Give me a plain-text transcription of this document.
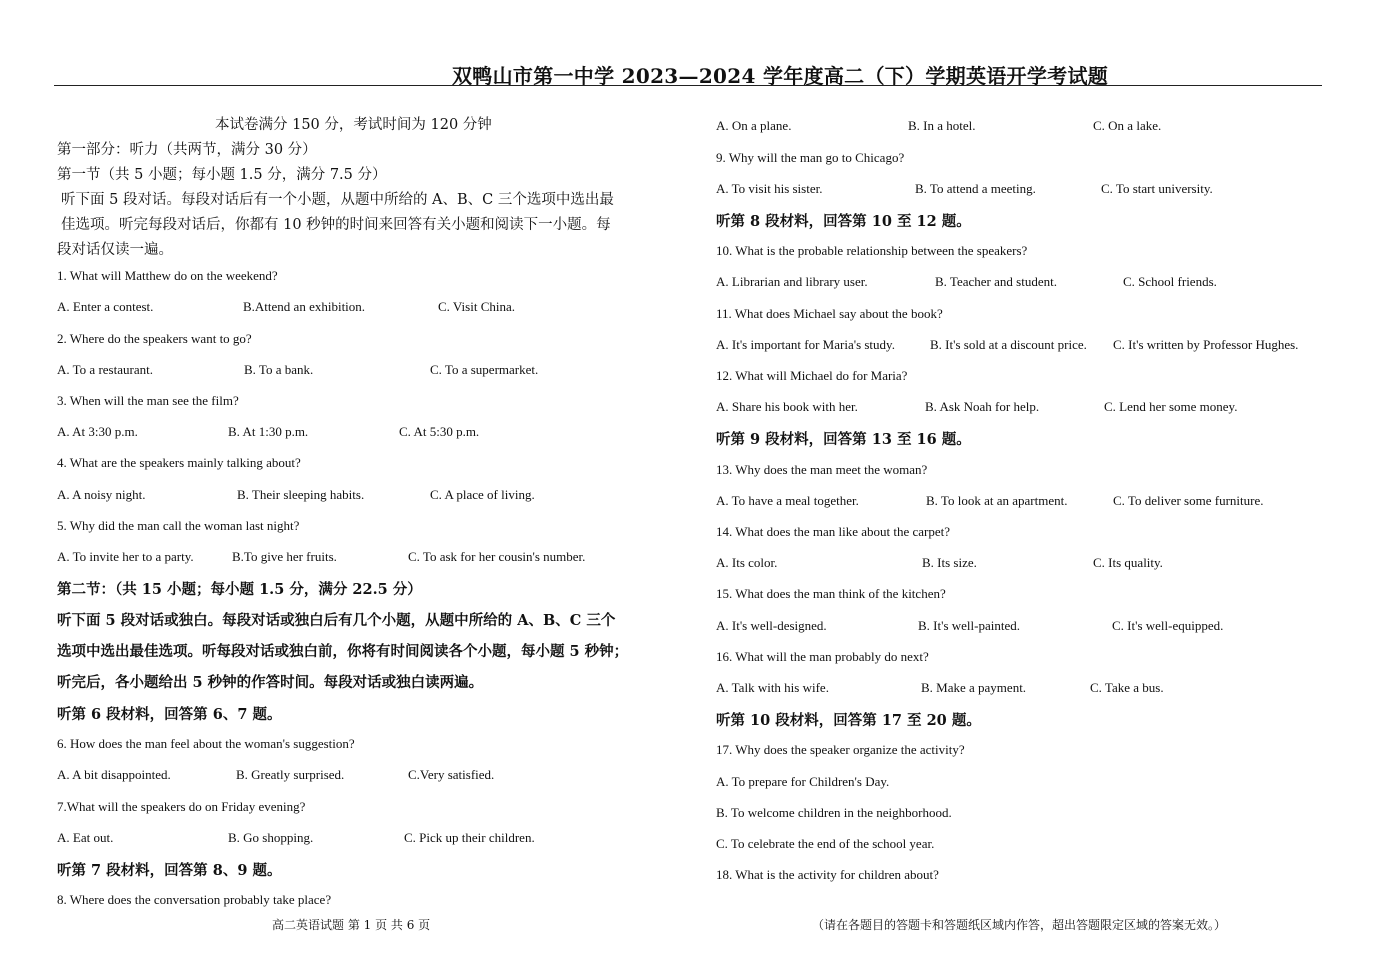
双鸭山市第一中学 2023—2024 学年度高二（下）学期英语开学考试题
本试卷满分 150 分，考试时间为 120 分钟
第一部分：听力（共两节，满分 30 分）
第一节（共 5 小题；每小题 1.5 分，满分 7.5 分）
听下面 5 段对话。每段对话后有一个小题，从题中所给的 A、B、C 三个选项中选出最
佳选项。听完每段对话后，你都有 10 秒钟的时间来回答有关小题和阅读下一小题。每
段对话仅读一遍。
1. What will Matthew do on the weekend?
A. Enter a contest.	B.Attend an exhibition.	C. Visit China.
2. Where do the speakers want to go?
A. To a restaurant.	B. To a bank.	C. To a supermarket.
3. When will the man see the film?
A. At 3:30 p.m.	B. At 1:30 p.m.	C. At 5:30 p.m.
4. What are the speakers mainly talking about?
A. A noisy night.	B. Their sleeping habits.	C. A place of living.
5. Why did the man call the woman last night?
A. To invite her to a party.	B.To give her fruits.	C. To ask for her cousin's number.
第二节：（共 15 小题；每小题 1.5 分，满分 22.5 分）
听下面 5 段对话或独白。每段对话或独白后有几个小题，从题中所给的 A、B、C 三个
选项中选出最佳选项。听每段对话或独白前，你将有时间阅读各个小题，每小题 5 秒钟；
听完后，各小题给出 5 秒钟的作答时间。每段对话或独白读两遍。
听第 6 段材料，回答第 6、7 题。
6. How does the man feel about the woman's suggestion?
A. A bit disappointed.	B. Greatly surprised.	C.Very satisfied.
7.What will the speakers do on Friday evening?
A. Eat out.	B. Go shopping.	C. Pick up their children.
听第 7 段材料，回答第 8、9 题。
8. Where does the conversation probably take place?
高二英语试题 第 1 页 共 6 页
A. On a plane.	B. In a hotel.	C. On a lake.
9. Why will the man go to Chicago?
A. To visit his sister.	B. To attend a meeting.	C. To start university.
听第 8 段材料，回答第 10 至 12 题。
10. What is the probable relationship between the speakers?
A. Librarian and library user.	B. Teacher and student.	C. School friends.
11. What does Michael say about the book?
A. It's important for Maria's study.	B. It's sold at a discount price. C. It's written by Professor Hughes.
12. What will Michael do for Maria?
A. Share his book with her.	B. Ask Noah for help.	C. Lend her some money.
听第 9 段材料，回答第 13 至 16 题。
13. Why does the man meet the woman?
A. To have a meal together.	B. To look at an apartment.	C. To deliver some furniture.
14. What does the man like about the carpet?
A. Its color.	B. Its size.	C. Its quality.
15. What does the man think of the kitchen?
A. It's well-designed.	B. It's well-painted.	C. It's well-equipped.
16. What will the man probably do next?
A. Talk with his wife.	B. Make a payment.	C. Take a bus.
听第 10 段材料，回答第 17 至 20 题。
17. Why does the speaker organize the activity?
A. To prepare for Children's Day.
B. To welcome children in the neighborhood.
C. To celebrate the end of the school year.
18. What is the activity for children about?
（请在各题目的答题卡和答题纸区域内作答，超出答题限定区域的答案无效。）
